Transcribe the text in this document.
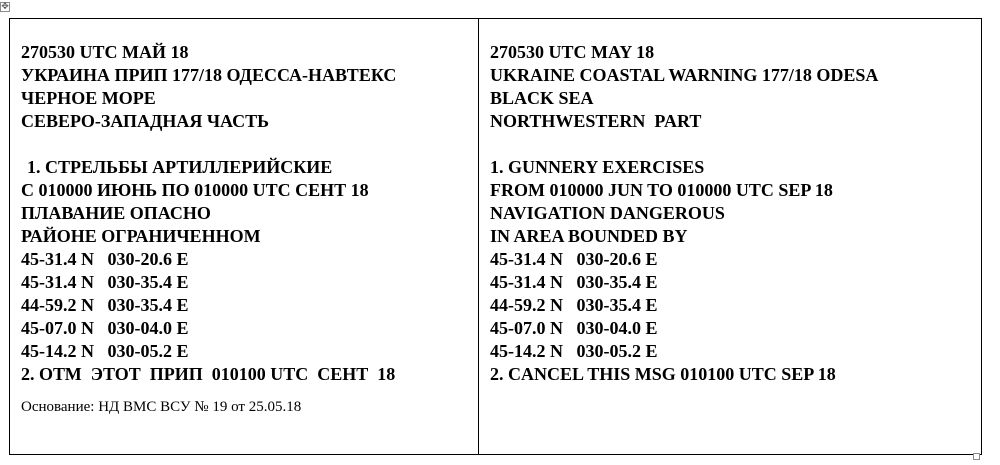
✥
270530 UTC МАЙ 18
УКРАИНА ПРИП 177/18 ОДЕССА-НАВТЕКС
ЧЕРНОЕ МОРЕ
СЕВЕРО-ЗАПАДНАЯ ЧАСТЬ
1. СТРЕЛЬБЫ АРТИЛЛЕРИЙСКИЕ
С 010000 ИЮНЬ ПО 010000 UTC СЕНТ 18
ПЛАВАНИЕ ОПАСНО
РАЙОНЕ ОГРАНИЧЕННОМ
45-31.4 N   030-20.6 E
45-31.4 N   030-35.4 E
44-59.2 N   030-35.4 E
45-07.0 N   030-04.0 E
45-14.2 N   030-05.2 E
2. ОТМ  ЭТОТ  ПРИП  010100 UTC  СЕНТ  18
Основание: НД ВМС ВСУ № 19 от 25.05.18

270530 UTC MAY 18
UKRAINE COASTAL WARNING 177/18 ODESA
BLACK SEA
NORTHWESTERN  PART
1. GUNNERY EXERCISES
FROM 010000 JUN TO 010000 UTC SEP 18
NAVIGATION DANGEROUS
IN AREA BOUNDED BY
45-31.4 N   030-20.6 E
45-31.4 N   030-35.4 E
44-59.2 N   030-35.4 E
45-07.0 N   030-04.0 E
45-14.2 N   030-05.2 E
2. CANCEL THIS MSG 010100 UTC SEP 18
